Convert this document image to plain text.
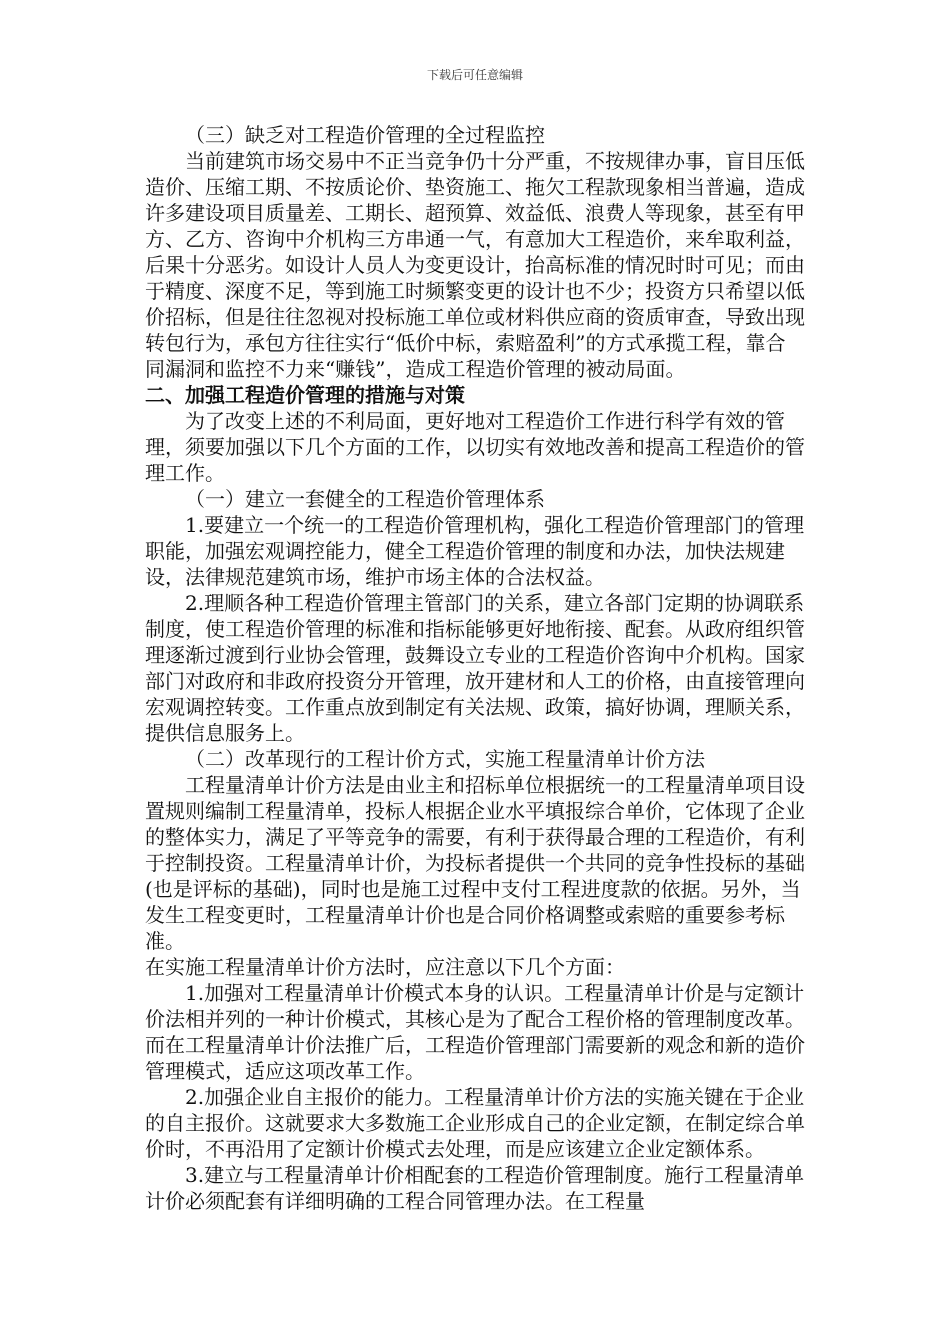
下载后可任意编辑

（三）缺乏对工程造价管理的全过程监控

当前建筑市场交易中不正当竞争仍十分严重，不按规律办事，盲目压低造价、压缩工期、不按质论价、垫资施工、拖欠工程款现象相当普遍，造成许多建设项目质量差、工期长、超预算、效益低、浪费人等现象，甚至有甲方、乙方、咨询中介机构三方串通一气，有意加大工程造价，来牟取利益，后果十分恶劣。如设计人员人为变更设计，抬高标准的情况时时可见；而由于精度、深度不足，等到施工时频繁变更的设计也不少；投资方只希望以低价招标，但是往往忽视对投标施工单位或材料供应商的资质审查，导致出现转包行为，承包方往往实行“低价中标，索赔盈利”的方式承揽工程，靠合同漏洞和监控不力来“赚钱”，造成工程造价管理的被动局面。

二、加强工程造价管理的措施与对策

为了改变上述的不利局面，更好地对工程造价工作进行科学有效的管理，须要加强以下几个方面的工作，以切实有效地改善和提高工程造价的管理工作。

（一）建立一套健全的工程造价管理体系

1.要建立一个统一的工程造价管理机构，强化工程造价管理部门的管理职能，加强宏观调控能力，健全工程造价管理的制度和办法，加快法规建设，法律规范建筑市场，维护市场主体的合法权益。

2.理顺各种工程造价管理主管部门的关系，建立各部门定期的协调联系制度，使工程造价管理的标准和指标能够更好地衔接、配套。从政府组织管理逐渐过渡到行业协会管理，鼓舞设立专业的工程造价咨询中介机构。国家部门对政府和非政府投资分开管理，放开建材和人工的价格，由直接管理向宏观调控转变。工作重点放到制定有关法规、政策，搞好协调，理顺关系，提供信息服务上。

（二）改革现行的工程计价方式，实施工程量清单计价方法

工程量清单计价方法是由业主和招标单位根据统一的工程量清单项目设置规则编制工程量清单，投标人根据企业水平填报综合单价，它体现了企业的整体实力，满足了平等竞争的需要，有利于获得最合理的工程造价，有利于控制投资。工程量清单计价，为投标者提供一个共同的竞争性投标的基础(也是评标的基础)，同时也是施工过程中支付工程进度款的依据。另外，当发生工程变更时，工程量清单计价也是合同价格调整或索赔的重要参考标准。

在实施工程量清单计价方法时，应注意以下几个方面：

1.加强对工程量清单计价模式本身的认识。工程量清单计价是与定额计价法相并列的一种计价模式，其核心是为了配合工程价格的管理制度改革。而在工程量清单计价法推广后，工程造价管理部门需要新的观念和新的造价管理模式，适应这项改革工作。

2.加强企业自主报价的能力。工程量清单计价方法的实施关键在于企业的自主报价。这就要求大多数施工企业形成自己的企业定额，在制定综合单价时，不再沿用了定额计价模式去处理，而是应该建立企业定额体系。

3.建立与工程量清单计价相配套的工程造价管理制度。施行工程量清单计价必须配套有详细明确的工程合同管理办法。在工程量
